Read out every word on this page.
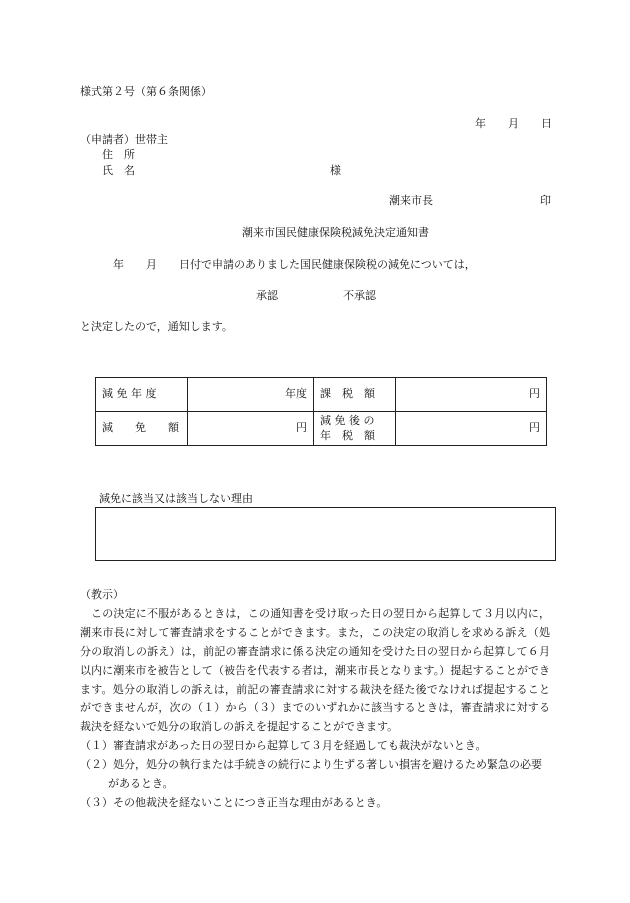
様式第２号（第６条関係）
年　　月　　日
（申請者）世帯主
住　所
氏　名	様
潮来市長	印
潮来市国民健康保険税減免決定通知書
年　　月　　日付で申請のありました国民健康保険税の減免については，
承認	不承認
と決定したので，通知します。
減 免 年 度	年度	課　税　額	円
減　　免　　額	円	減 免 後 の
年　税　額	円
減免に該当又は該当しない理由

（教示）

この決定に不服があるときは，この通知書を受け取った日の翌日から起算して３月以内に，潮来市長に対して審査請求をすることができます。また，この決定の取消しを求める訴え（処分の取消しの訴え）は，前記の審査請求に係る決定の通知を受けた日の翌日から起算して６月以内に潮来市を被告として（被告を代表する者は，潮来市長となります。）提起することができます。処分の取消しの訴えは，前記の審査請求に対する裁決を経た後でなければ提起することができませんが，次の（１）から（３）までのいずれかに該当するときは，審査請求に対する裁決を経ないで処分の取消しの訴えを提起することができます。

（１）審査請求があった日の翌日から起算して３月を経過しても裁決がないとき。

（２）処分，処分の執行または手続きの続行により生ずる著しい損害を避けるため緊急の必要があるとき。

（３）その他裁決を経ないことにつき正当な理由があるとき。
